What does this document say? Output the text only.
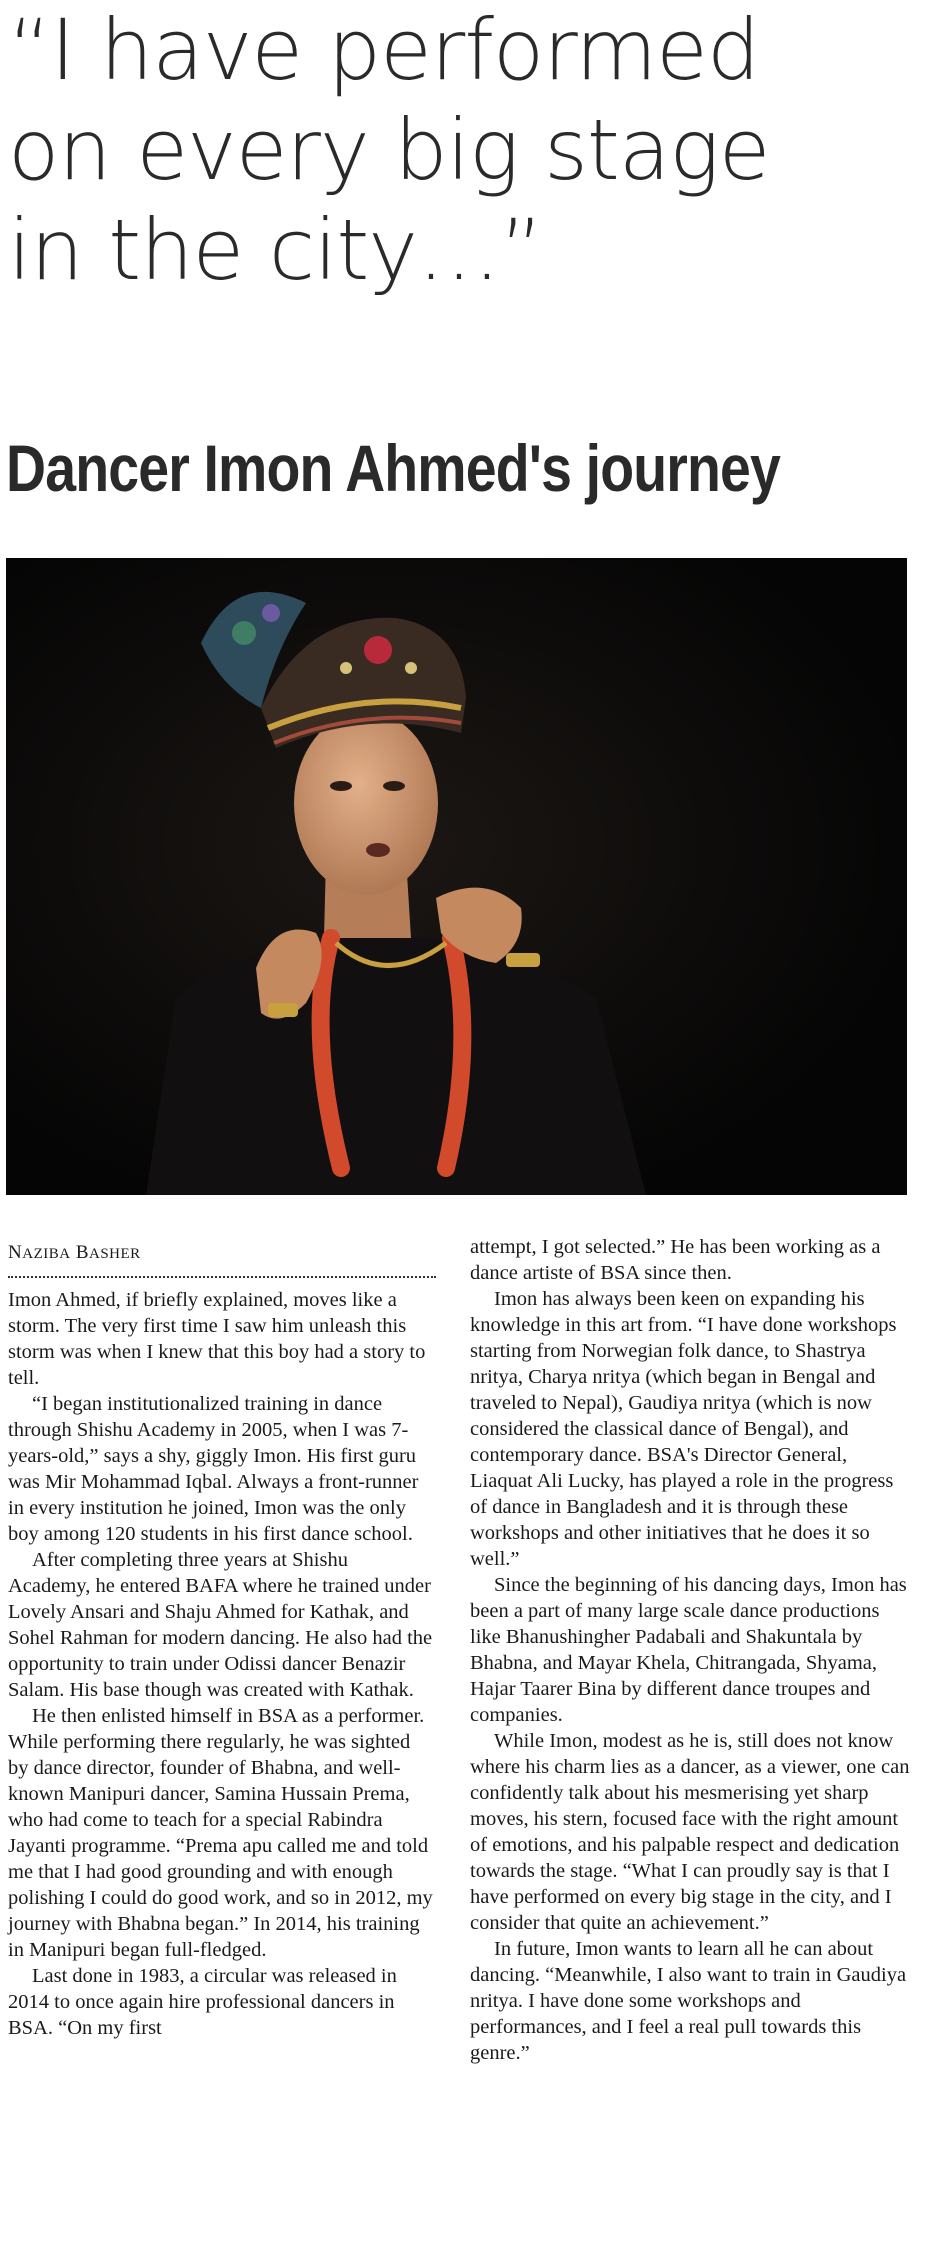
“I have performed
on every big stage
in the city…”
Dancer Imon Ahmed's journey
NAZIBA BASHER

Imon Ahmed, if briefly explained, moves like a storm. The very first time I saw him unleash this storm was when I knew that this boy had a story to tell.

“I began institutionalized training in dance through Shishu Academy in 2005, when I was 7-years-old,” says a shy, giggly Imon. His first guru was Mir Mohammad Iqbal. Always a front-runner in every institution he joined, Imon was the only boy among 120 students in his first dance school.

After completing three years at Shishu Academy, he entered BAFA where he trained under Lovely Ansari and Shaju Ahmed for Kathak, and Sohel Rahman for modern dancing. He also had the opportunity to train under Odissi dancer Benazir Salam. His base though was created with Kathak.

He then enlisted himself in BSA as a performer. While performing there regularly, he was sighted by dance director, founder of Bhabna, and well-known Manipuri dancer, Samina Hussain Prema, who had come to teach for a special Rabindra Jayanti programme. “Prema apu called me and told me that I had good grounding and with enough polishing I could do good work, and so in 2012, my journey with Bhabna began.” In 2014, his training in Manipuri began full-fledged.

Last done in 1983, a circular was released in 2014 to once again hire professional dancers in BSA. “On my first

attempt, I got selected.” He has been working as a dance artiste of BSA since then.

Imon has always been keen on expanding his knowledge in this art from. “I have done workshops starting from Norwegian folk dance, to Shastrya nritya, Charya nritya (which began in Bengal and traveled to Nepal), Gaudiya nritya (which is now considered the classical dance of Bengal), and contemporary dance. BSA's Director General, Liaquat Ali Lucky, has played a role in the progress of dance in Bangladesh and it is through these workshops and other initiatives that he does it so well.”

Since the beginning of his dancing days, Imon has been a part of many large scale dance productions like Bhanushingher Padabali and Shakuntala by Bhabna, and Mayar Khela, Chitrangada, Shyama, Hajar Taarer Bina by different dance troupes and companies.

While Imon, modest as he is, still does not know where his charm lies as a dancer, as a viewer, one can confidently talk about his mesmerising yet sharp moves, his stern, focused face with the right amount of emotions, and his palpable respect and dedication towards the stage. “What I can proudly say is that I have performed on every big stage in the city, and I consider that quite an achievement.”

In future, Imon wants to learn all he can about dancing. “Meanwhile, I also want to train in Gaudiya nritya. I have done some workshops and performances, and I feel a real pull towards this genre.”
